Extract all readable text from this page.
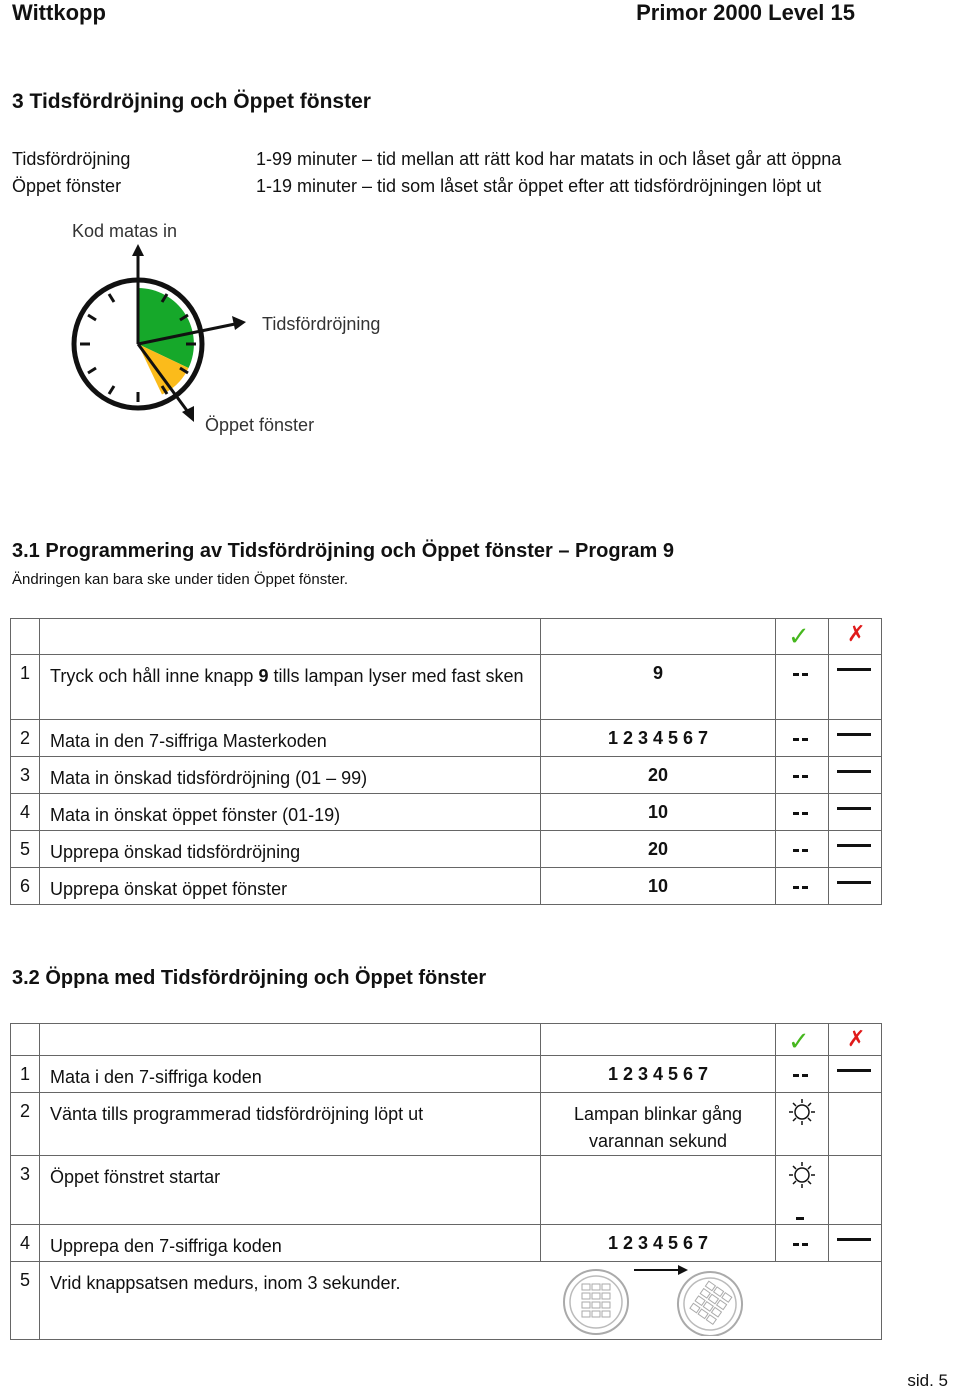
Wittkopp	Primor 2000 Level 15
3 Tidsfördröjning och Öppet fönster
Tidsfördröjning	1-99 minuter – tid mellan att rätt kod har matats in och låset går att öppna
Öppet fönster	1-19 minuter – tid som låset står öppet efter att tidsfördröjningen löpt ut
Kod matas in
Tidsfördröjning
Öppet fönster
3.1 Programmering av Tidsfördröjning och Öppet fönster – Program 9
Ändringen kan bara ske under tiden Öppet fönster.

			✓	✗

1	Tryck och håll inne knapp 9 tills lampan lyser med fast sken	9	

2	Mata in den 7-siffriga Masterkoden	1 2 3 4 5 6 7	

3	Mata in önskad tidsfördröjning (01 – 99)	20	

4	Mata in önskat öppet fönster (01-19)	10	

5	Upprepa önskad tidsfördröjning	20	

6	Upprepa önskat öppet fönster	10	

3.2 Öppna med Tidsfördröjning och Öppet fönster

			✓	✗

1	Mata i den 7-siffriga koden	1 2 3 4 5 6 7	

2	Vänta tills programmerad tidsfördröjning löpt ut	Lampan blinkar gång varannan sekund	

3	Öppet fönstret startar		

4	Upprepa den 7-siffriga koden	1 2 3 4 5 6 7	

5	Vrid knappsatsen medurs, inom 3 sekunder.			
sid. 5
